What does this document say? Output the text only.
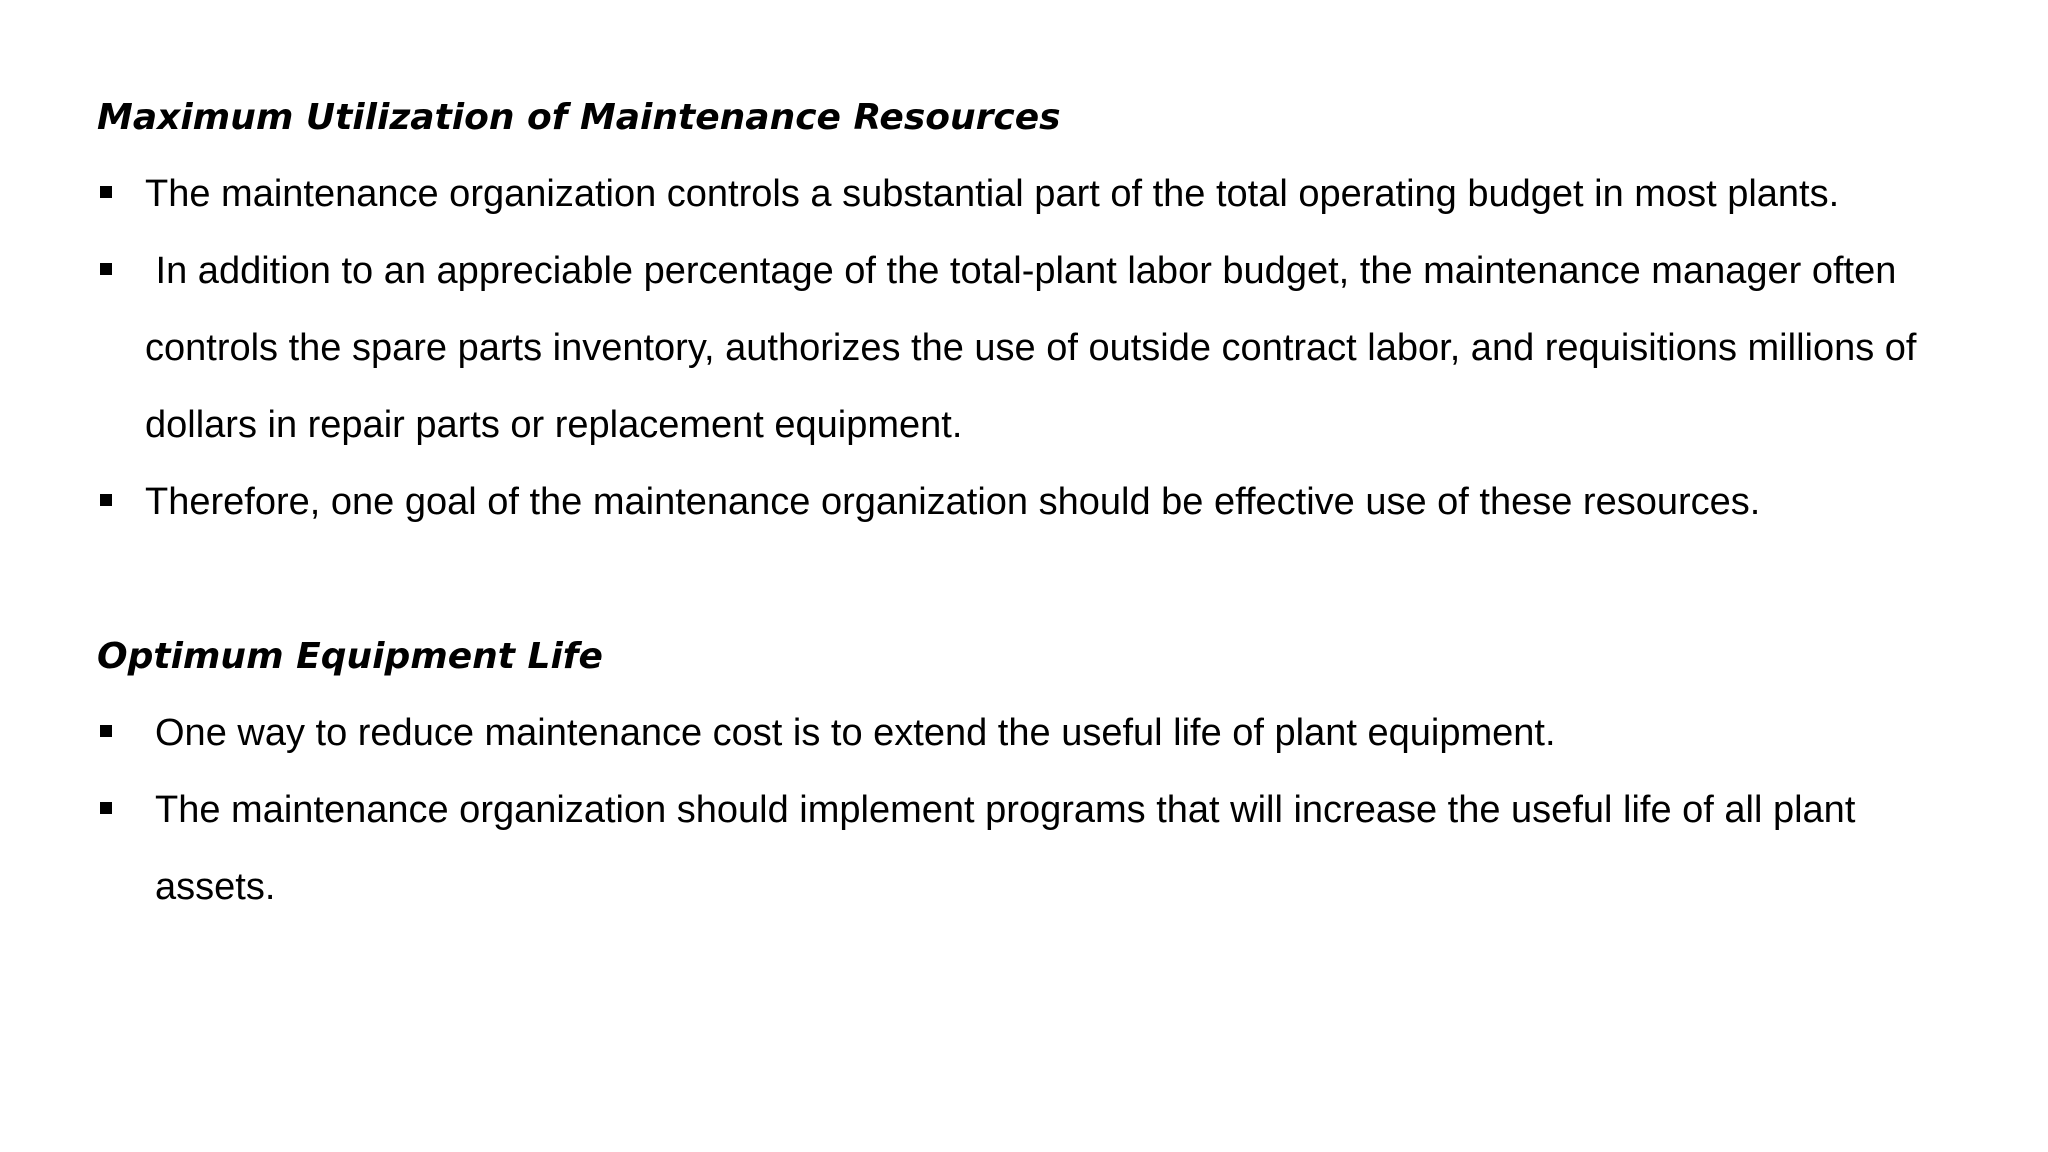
Maximum Utilization of Maintenance Resources
The maintenance organization controls a substantial part of the total operating budget in most plants.
In addition to an appreciable percentage of the total-plant labor budget, the maintenance manager often
controls the spare parts inventory, authorizes the use of outside contract labor, and requisitions millions of
dollars in repair parts or replacement equipment.
Therefore, one goal of the maintenance organization should be effective use of these resources.
Optimum Equipment Life
One way to reduce maintenance cost is to extend the useful life of plant equipment.
The maintenance organization should implement programs that will increase the useful life of all plant
assets.
